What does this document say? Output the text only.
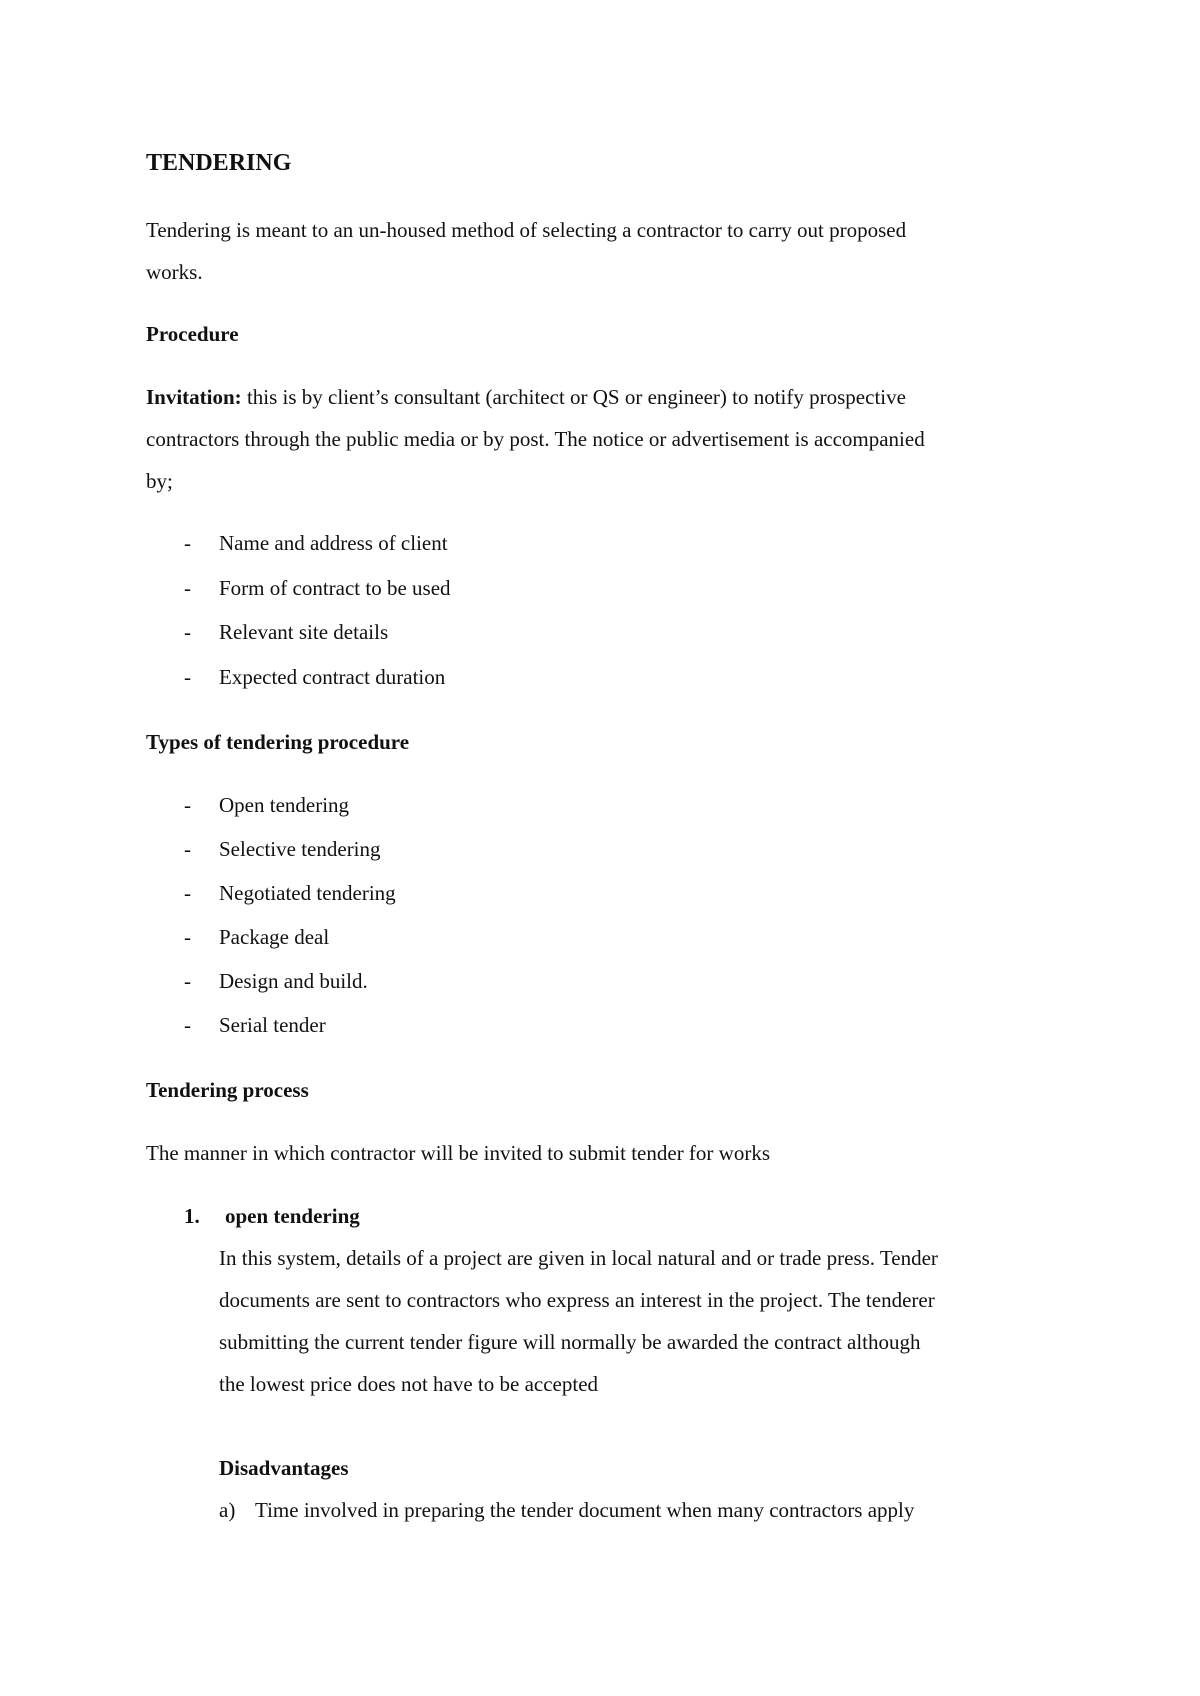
TENDERING
Tendering is meant to an un-housed method of selecting a contractor to carry out proposed
works.
Procedure
Invitation: this is by client’s consultant (architect or QS or engineer) to notify prospective
contractors through the public media or by post. The notice or advertisement is accompanied
by;
- Name and address of client
- Form of contract to be used
- Relevant site details
- Expected contract duration
Types of tendering procedure
- Open tendering
- Selective tendering
- Negotiated tendering
- Package deal
- Design and build.
- Serial tender
Tendering process
The manner in which contractor will be invited to submit tender for works
1. open tendering
In this system, details of a project are given in local natural and or trade press. Tender
documents are sent to contractors who express an interest in the project. The tenderer
submitting the current tender figure will normally be awarded the contract although
the lowest price does not have to be accepted
Disadvantages
a) Time involved in preparing the tender document when many contractors apply
